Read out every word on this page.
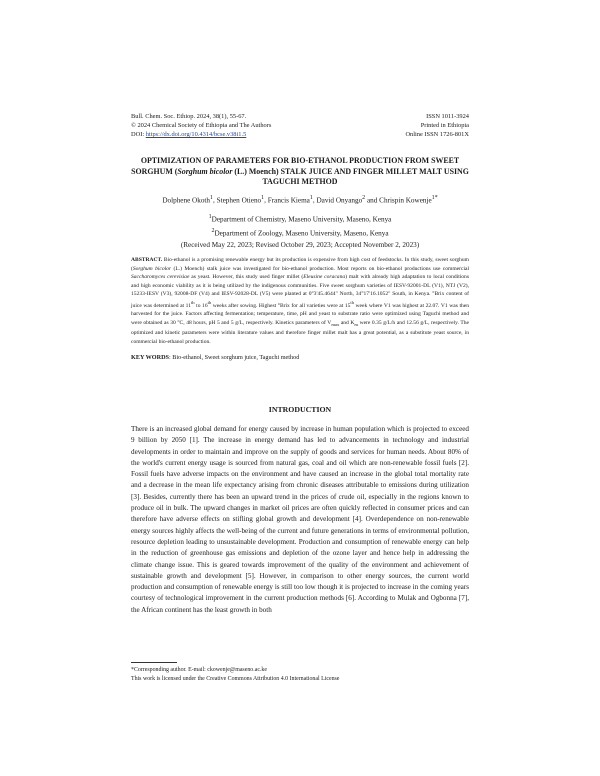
Bull. Chem. Soc. Ethiop. 2024, 38(1), 55-67.
© 2024 Chemical Society of Ethiopia and The Authors
DOI: https://dx.doi.org/10.4314/bcse.v38i1.5
ISSN 1011-3924
Printed in Ethiopia
Online ISSN 1726-801X
OPTIMIZATION OF PARAMETERS FOR BIO-ETHANOL PRODUCTION FROM SWEET SORGHUM (Sorghum bicolor (L.) Moench) STALK JUICE AND FINGER MILLET MALT USING TAGUCHI METHOD
Dolphene Okoth$^1$, Stephen Otieno$^1$, Francis Kiema$^1$, David Onyango$^2$ and Chrispin Kowenje$^{1*}$
$^1$Department of Chemistry, Maseno University, Maseno, Kenya
$^2$Department of Zoology, Maseno University, Maseno, Kenya
(Received May 22, 2023; Revised October 29, 2023; Accepted November 2, 2023)
ABSTRACT. Bio-ethanol is a promising renewable energy but its production is expensive from high cost of feedstocks. In this study, sweet sorghum (Sorghum bicolor (L.) Moench) stalk juice was investigated for bio-ethanol production. Most reports on bio-ethanol productions use commercial Saccharomyces cerevisiae as yeast. However, this study used finger millet (Eleusine coracana) malt with already high adaptation to local conditions and high economic viability as it is being utilized by the indigenous communities. Five sweet sorghum varieties of IESV-92001-DL (V1), NTJ (V2), 15233-IESV (V3), 92008-DF (V4) and IESV-92028-DL (V5) were planted at 0°3'45.4644" North, 34°17'16.1052" South, in Kenya. °Brix content of juice was determined at 11th to 16th weeks after sowing. Highest °Brix for all varieties were at 15th week where V1 was highest at 22.07. V1 was then harvested for the juice. Factors affecting fermentation; temperature, time, pH and yeast to substrate ratio were optimized using Taguchi method and were obtained as 30 °C, 48 hours, pH 5 and 5 g/L, respectively. Kinetics parameters of $V_{max}$ and $K_m$ were 0.35 g/L/h and 12.56 g/L, respectively. The optimized and kinetic parameters were within literature values and therefore finger millet malt has a great potential, as a substitute yeast source, in commercial bio-ethanol production.
KEY WORDS: Bio-ethanol, Sweet sorghum juice, Taguchi method
INTRODUCTION
There is an increased global demand for energy caused by increase in human population which is projected to exceed 9 billion by 2050 [1]. The increase in energy demand has led to advancements in technology and industrial developments in order to maintain and improve on the supply of goods and services for human needs. About 80% of the world's current energy usage is sourced from natural gas, coal and oil which are non-renewable fossil fuels [2]. Fossil fuels have adverse impacts on the environment and have caused an increase in the global total mortality rate and a decrease in the mean life expectancy arising from chronic diseases attributable to emissions during utilization [3]. Besides, currently there has been an upward trend in the prices of crude oil, especially in the regions known to produce oil in bulk. The upward changes in market oil prices are often quickly reflected in consumer prices and can therefore have adverse effects on stifling global growth and development [4]. Overdependence on non-renewable energy sources highly affects the well-being of the current and future generations in terms of environmental pollution, resource depletion leading to unsustainable development. Production and consumption of renewable energy can help in the reduction of greenhouse gas emissions and depletion of the ozone layer and hence help in addressing the climate change issue. This is geared towards improvement of the quality of the environment and achievement of sustainable growth and development [5]. However, in comparison to other energy sources, the current world production and consumption of renewable energy is still too low though it is projected to increase in the coming years courtesy of technological improvement in the current production methods [6]. According to Mulak and Ogbonna [7], the African continent has the least growth in both
*Corresponding author. E-mail: ckowenje@maseno.ac.ke
This work is licensed under the Creative Commons Attribution 4.0 International License
